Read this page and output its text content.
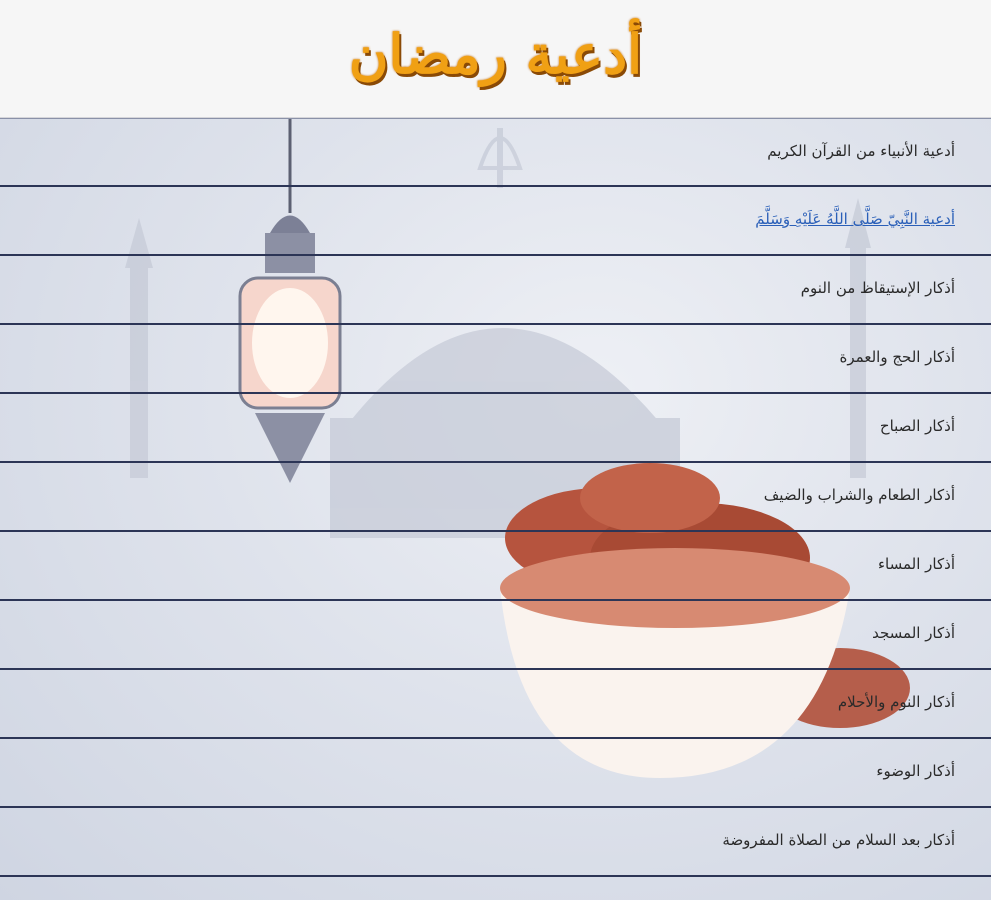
أدعية رمضان
أدعية الأنبياء من القرآن الكريم
أدعية النَّبِيّ صَلَّى اللَّهُ عَلَيْهِ وَسَلَّمَ
أذكار الإستيقاظ من النوم
أذكار الحج والعمرة
أذكار الصباح
أذكار الطعام والشراب والضيف
أذكار المساء
أذكار المسجد
أذكار النوم والأحلام
أذكار الوضوء
أذكار بعد السلام من الصلاة المفروضة
